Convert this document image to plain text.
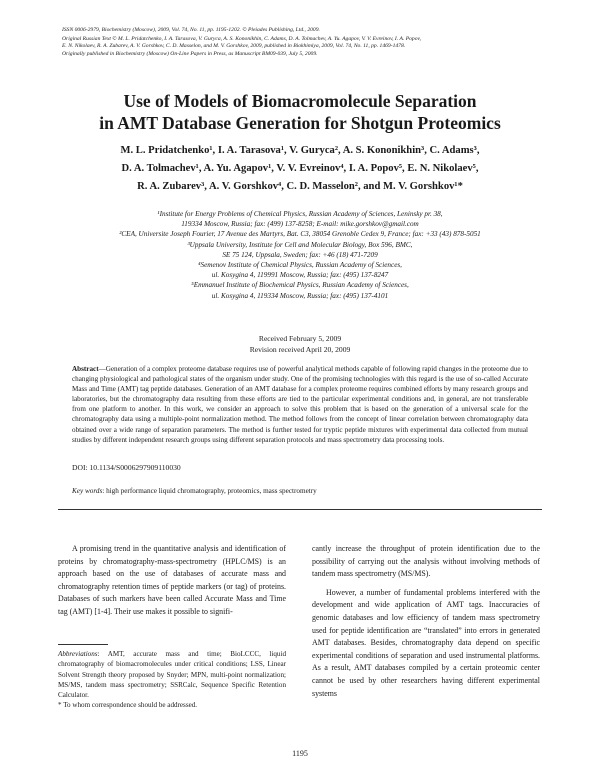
ISSN 0006-2979, Biochemistry (Moscow), 2009, Vol. 74, No. 11, pp. 1195-1202. © Pleiades Publishing, Ltd., 2009.
Original Russian Text © M. L. Pridatchenko, I. A. Tarasova, V. Guryca, A. S. Kononikhin, C. Adams, D. A. Tolmachev, A. Yu. Agapov, V. V. Evreinov, I. A. Popov,
E. N. Nikolaev, R. A. Zubarev, A. V. Gorshkov, C. D. Masselon, and M. V. Gorshkov, 2009, published in Biokhimiya, 2009, Vol. 74, No. 11, pp. 1469-1478.
Originally published in Biochemistry (Moscow) On-Line Papers in Press, as Manuscript BM09-039, July 5, 2009.
Use of Models of Biomacromolecule Separation
in AMT Database Generation for Shotgun Proteomics
M. L. Pridatchenko¹, I. A. Tarasova¹, V. Guryca², A. S. Kononikhin³, C. Adams³,
D. A. Tolmachev¹, A. Yu. Agapov¹, V. V. Evreinov⁴, I. A. Popov⁵, E. N. Nikolaev⁵,
R. A. Zubarev³, A. V. Gorshkov⁴, C. D. Masselon², and M. V. Gorshkov¹*
¹Institute for Energy Problems of Chemical Physics, Russian Academy of Sciences, Leninsky pr. 38,
119334 Moscow, Russia; fax: (499) 137-8258; E-mail: mike.gorshkov@gmail.com
²CEA, Universite Joseph Fourier, 17 Avenue des Martyrs, Bat. C3, 38054 Grenoble Cedex 9, France; fax: +33 (43) 878-5051
³Uppsala University, Institute for Cell and Molecular Biology, Box 596, BMC,
SE 75 124, Uppsala, Sweden; fax: +46 (18) 471-7209
⁴Semenov Institute of Chemical Physics, Russian Academy of Sciences,
ul. Kosygina 4, 119991 Moscow, Russia; fax: (495) 137-8247
⁵Emmanuel Institute of Biochemical Physics, Russian Academy of Sciences,
ul. Kosygina 4, 119334 Moscow, Russia; fax: (495) 137-4101
Received February 5, 2009
Revision received April 20, 2009
Abstract—Generation of a complex proteome database requires use of powerful analytical methods capable of following rapid changes in the proteome due to changing physiological and pathological states of the organism under study. One of the promising technologies with this regard is the use of so-called Accurate Mass and Time (AMT) tag peptide databases. Generation of an AMT database for a complex proteome requires combined efforts by many research groups and laboratories, but the chromatography data resulting from these efforts are tied to the particular experimental conditions and, in general, are not transferable from one platform to another. In this work, we consider an approach to solve this problem that is based on the generation of a universal scale for the chromatography data using a multiple-point normalization method. The method follows from the concept of linear correlation between chromatography data obtained over a wide range of separation parameters. The method is further tested for tryptic peptide mixtures with experimental data collected from mutual studies by different independent research groups using different separation protocols and mass spectrometry data processing tools.
DOI: 10.1134/S0006297909110030
Key words: high performance liquid chromatography, proteomics, mass spectrometry

A promising trend in the quantitative analysis and identification of proteins by chromatography-mass-spectrometry (HPLC/MS) is an approach based on the use of databases of accurate mass and chromatography retention times of peptide markers (or tag) of proteins. Databases of such markers have been called Accurate Mass and Time tag (AMT) [1-4]. Their use makes it possible to signifi-

Abbreviations: AMT, accurate mass and time; BioLCCC, liquid chromatography of biomacromolecules under critical conditions; LSS, Linear Solvent Strength theory proposed by Snyder; MPN, multi-point normalization; MS/MS, tandem mass spectrometry; SSRCalc, Sequence Specific Retention Calculator.

* To whom correspondence should be addressed.

cantly increase the throughput of protein identification due to the possibility of carrying out the analysis without involving methods of tandem mass spectrometry (MS/MS).

However, a number of fundamental problems interfered with the development and wide application of AMT tags. Inaccuracies of genomic databases and low efficiency of tandem mass spectrometry used for peptide identification are “translated” into errors in generated AMT databases. Besides, chromatography data depend on specific experimental conditions of separation and used instrumental platforms. As a result, AMT databases compiled by a certain proteomic center cannot be used by other researchers having different experimental systems

1195
